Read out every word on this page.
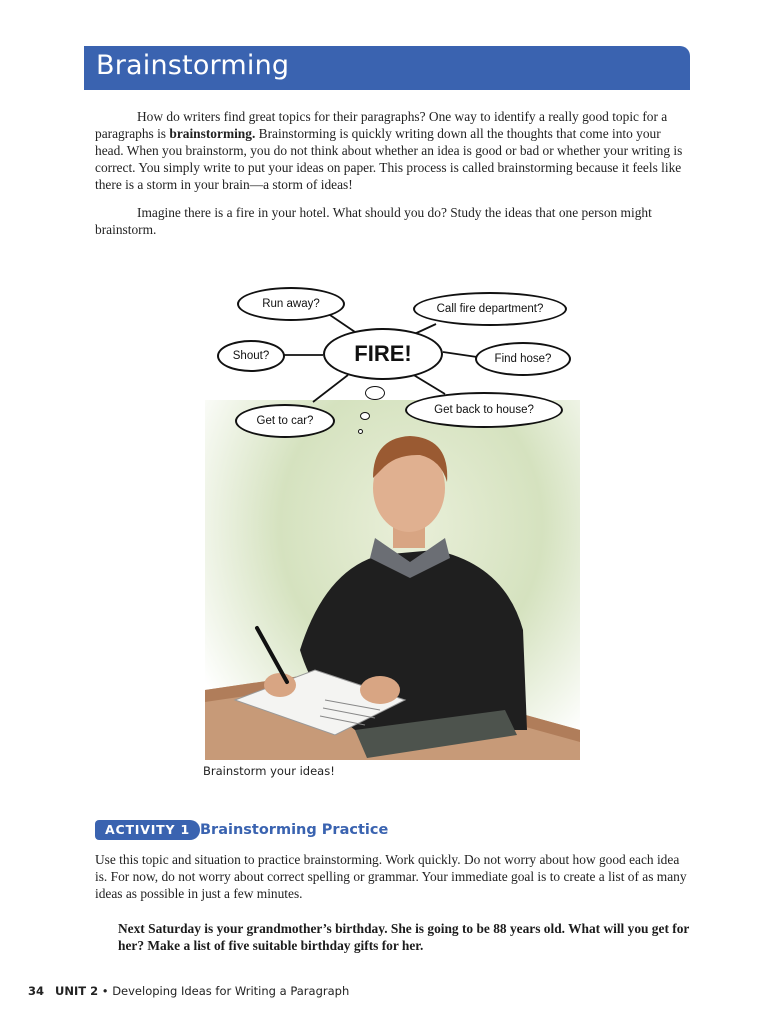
Brainstorming

How do writers find great topics for their paragraphs? One way to identify a really good topic for a paragraphs is brainstorming. Brainstorming is quickly writing down all the thoughts that come into your head. When you brainstorm, you do not think about whether an idea is good or bad or whether your writing is correct. You simply write to put your ideas on paper. This process is called brainstorming because it feels like there is a storm in your brain—a storm of ideas!

Imagine there is a fire in your hotel. What should you do? Study the ideas that one person might brainstorm.

Run away?	Call fire department?
Shout?	FIRE!	Find hose?
Get to car?
Get back to house?

Brainstorm your ideas!

ACTIVITY 1 Brainstorming Practice

Use this topic and situation to practice brainstorming. Work quickly. Do not worry about how good each idea is. For now, do not worry about correct spelling or grammar. Your immediate goal is to create a list of as many ideas as possible in just a few minutes.

Next Saturday is your grandmother’s birthday. She is going to be 88 years old. What will you get for her? Make a list of five suitable birthday gifts for her.

34 UNIT 2 • Developing Ideas for Writing a Paragraph
